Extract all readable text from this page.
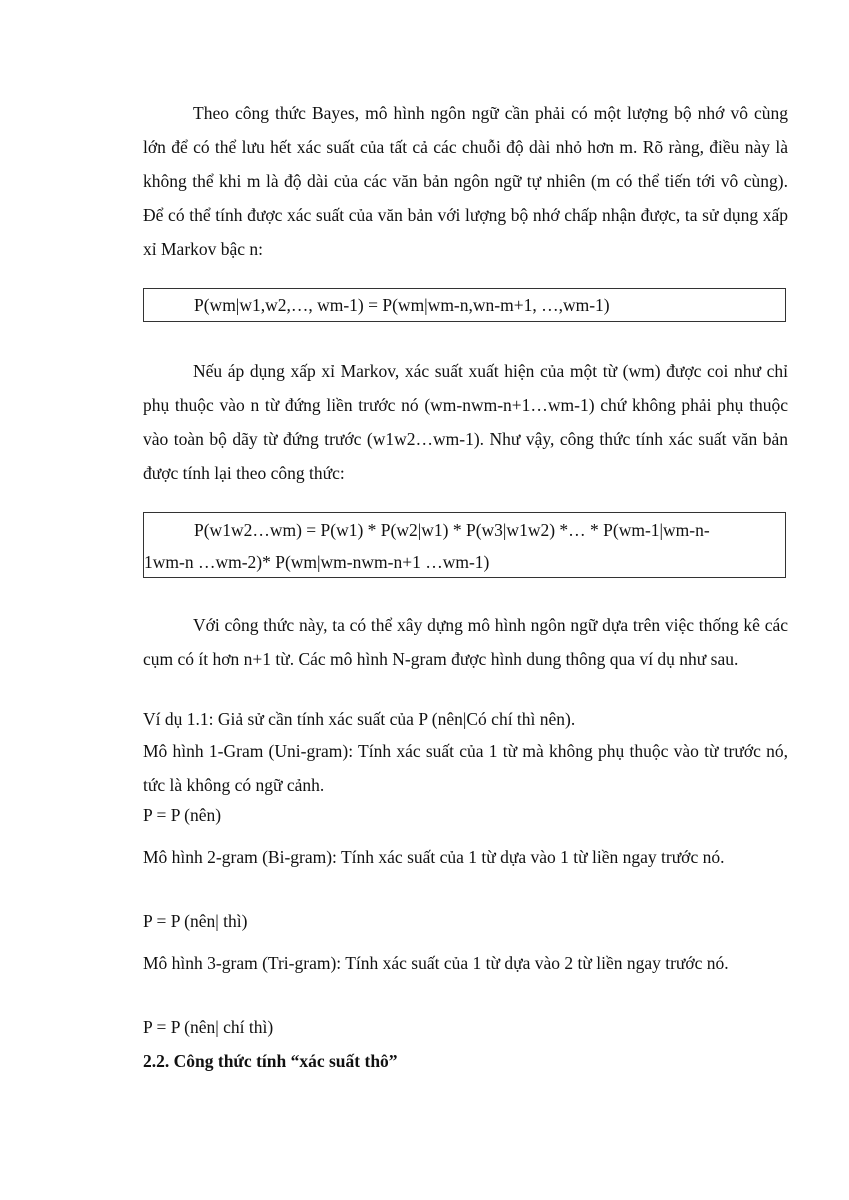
Theo công thức Bayes, mô hình ngôn ngữ cần phải có một lượng bộ nhớ vô cùng lớn để có thể lưu hết xác suất của tất cả các chuỗi độ dài nhỏ hơn m. Rõ ràng, điều này là không thể khi m là độ dài của các văn bản ngôn ngữ tự nhiên (m có thể tiến tới vô cùng). Để có thể tính được xác suất của văn bản với lượng bộ nhớ chấp nhận được, ta sử dụng xấp xỉ Markov bậc n:

P(wm|w1,w2,…, wm-1) = P(wm|wm-n,wn-m+1, …,wm-1)

Nếu áp dụng xấp xỉ Markov, xác suất xuất hiện của một từ (wm) được coi như chỉ phụ thuộc vào n từ đứng liền trước nó (wm-nwm-n+1…wm-1) chứ không phải phụ thuộc vào toàn bộ dãy từ đứng trước (w1w2…wm-1). Như vậy, công thức tính xác suất văn bản được tính lại theo công thức:

P(w1w2…wm) = P(w1) * P(w2|w1) * P(w3|w1w2) *… * P(wm-1|wm-n-
1wm-n …wm-2)* P(wm|wm-nwm-n+1 …wm-1)

Với công thức này, ta có thể xây dựng mô hình ngôn ngữ dựa trên việc thống kê các cụm có ít hơn n+1 từ. Các mô hình N-gram được hình dung thông qua ví dụ như sau.

Ví dụ 1.1: Giả sử cần tính xác suất của P (nên|Có chí thì nên).

Mô hình 1-Gram (Uni-gram): Tính xác suất của 1 từ mà không phụ thuộc vào từ trước nó, tức là không có ngữ cảnh.

P = P (nên)

Mô hình 2-gram (Bi-gram): Tính xác suất của 1 từ dựa vào 1 từ liền ngay trước nó.

P = P (nên| thì)

Mô hình 3-gram (Tri-gram): Tính xác suất của 1 từ dựa vào 2 từ liền ngay trước nó.

P = P (nên| chí thì)

2.2. Công thức tính “xác suất thô”
